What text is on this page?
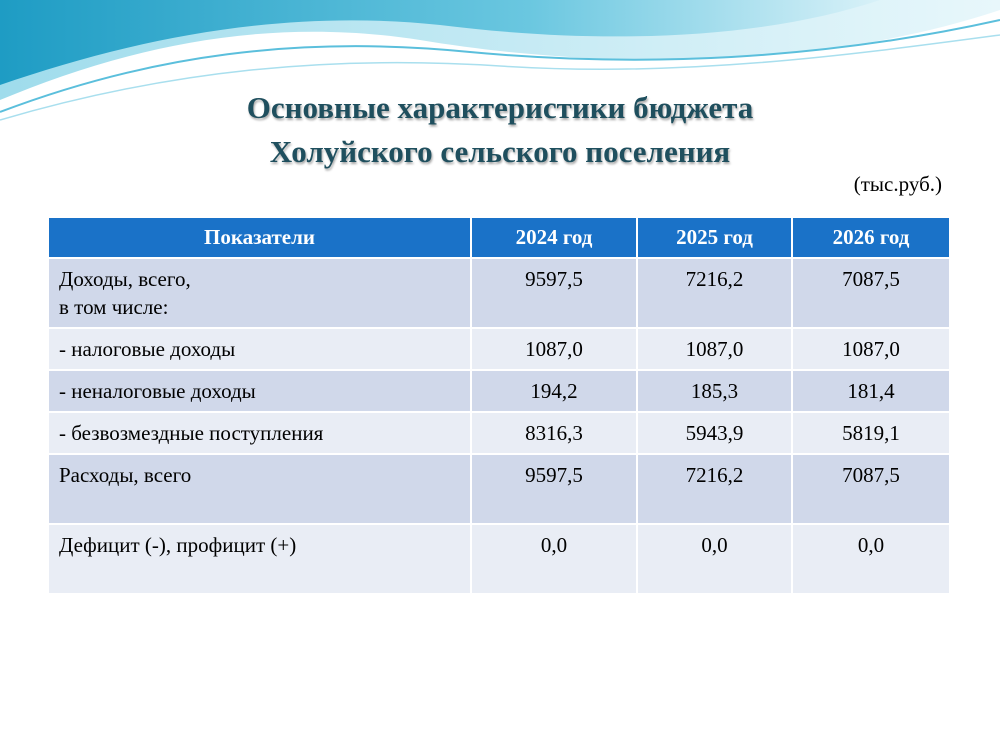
Основные характеристики бюджета
Холуйского сельского поселения
(тыс.руб.)
Показатели	2024 год	2025 год	2026 год

Доходы, всего,
в том числе:	9597,5	7216,2	7087,5
- налоговые доходы	1087,0	1087,0	1087,0
- неналоговые доходы	194,2	185,3	181,4
- безвозмездные поступления	8316,3	5943,9	5819,1
Расходы, всего	9597,5	7216,2	7087,5
Дефицит (-), профицит (+)	0,0	0,0	0,0
